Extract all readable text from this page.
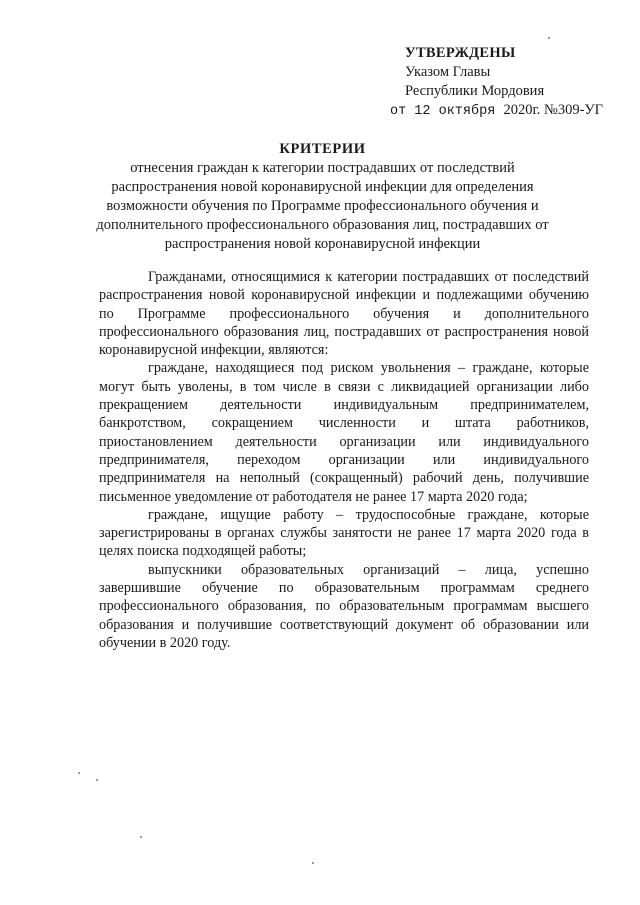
УТВЕРЖДЕНЫ
Указом Главы
Республики Мордовия
от 12 октября 2020г. №309-УГ
КРИТЕРИИ
отнесения граждан к категории пострадавших от последствий распространения новой коронавирусной инфекции для определения возможности обучения по Программе профессионального обучения и дополнительного профессионального образования лиц, пострадавших от распространения новой коронавирусной инфекции

Гражданами, относящимися к категории пострадавших от последствий распространения новой коронавирусной инфекции и подлежащими обучению по Программе профессионального обучения и дополнительного профессионального образования лиц, пострадавших от распространения новой коронавирусной инфекции, являются:

граждане, находящиеся под риском увольнения – граждане, которые могут быть уволены, в том числе в связи с ликвидацией организации либо прекращением деятельности индивидуальным предпринимателем, банкротством, сокращением численности и штата работников, приостановлением деятельности организации или индивидуального предпринимателя, переходом организации или индивидуального предпринимателя на неполный (сокращенный) рабочий день, получившие письменное уведомление от работодателя не ранее 17 марта 2020 года;

граждане, ищущие работу – трудоспособные граждане, которые зарегистрированы в органах службы занятости не ранее 17 марта 2020 года в целях поиска подходящей работы;

выпускники образовательных организаций – лица, успешно завершившие обучение по образовательным программам среднего профессионального образования, по образовательным программам высшего образования и получившие соответствующий документ об образовании или обучении в 2020 году.
